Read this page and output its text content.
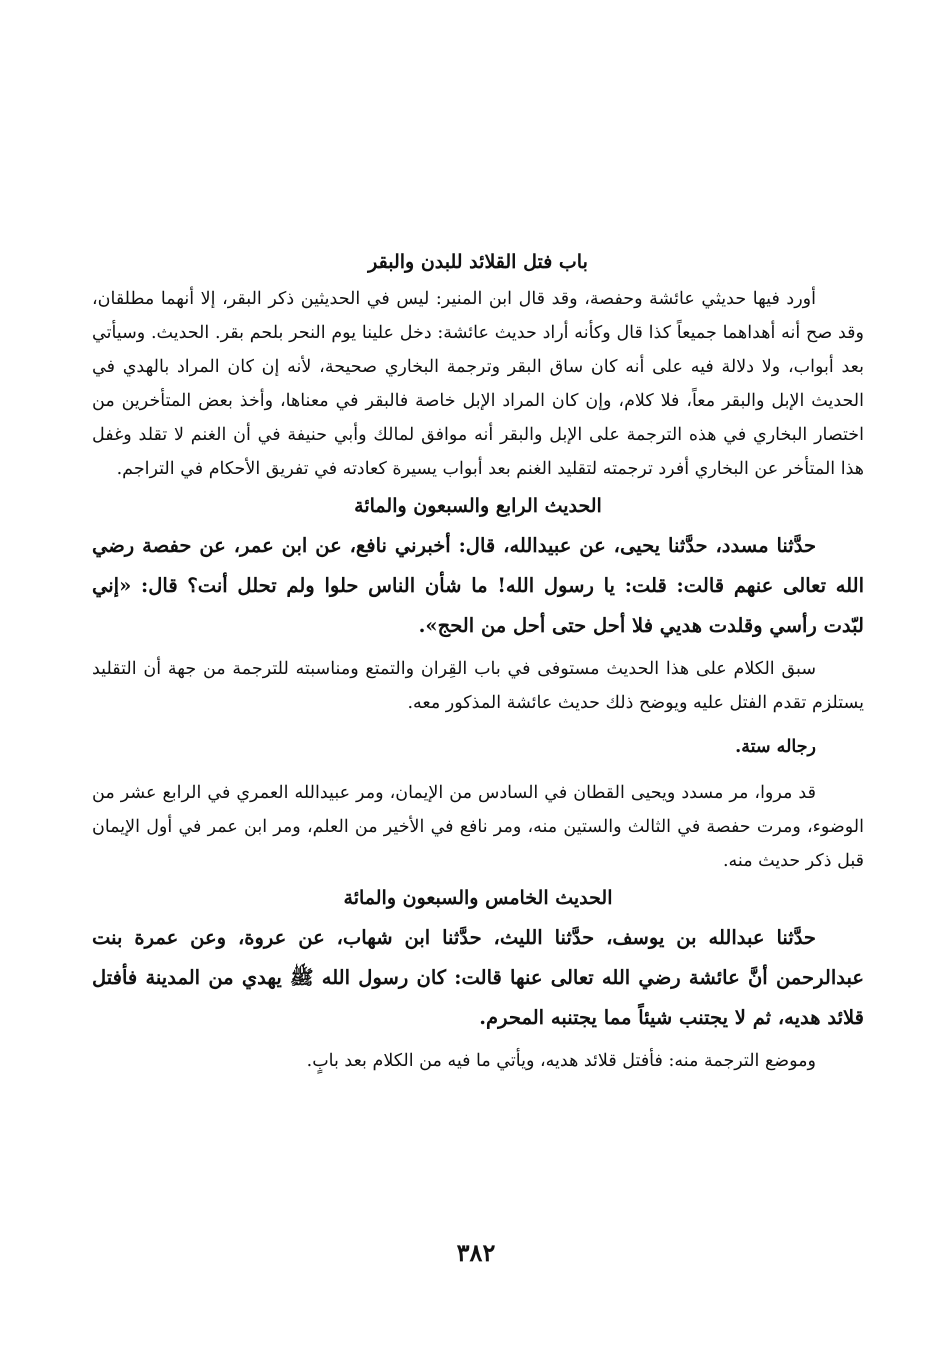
باب فتل القلائد للبدن والبقر

أورد فيها حديثي عائشة وحفصة، وقد قال ابن المنير: ليس في الحديثين ذكر البقر، إلا أنهما مطلقان، وقد صح أنه أهداهما جميعاً كذا قال وكأنه أراد حديث عائشة: دخل علينا يوم النحر بلحم بقر. الحديث. وسيأتي بعد أبواب، ولا دلالة فيه على أنه كان ساق البقر وترجمة البخاري صحيحة، لأنه إن كان المراد بالهدي في الحديث الإبل والبقر معاً، فلا كلام، وإن كان المراد الإبل خاصة فالبقر في معناها، وأخذ بعض المتأخرين من اختصار البخاري في هذه الترجمة على الإبل والبقر أنه موافق لمالك وأبي حنيفة في أن الغنم لا تقلد وغفل هذا المتأخر عن البخاري أفرد ترجمته لتقليد الغنم بعد أبواب يسيرة كعادته في تفريق الأحكام في التراجم.

الحديث الرابع والسبعون والمائة

حدَّثنا مسدد، حدَّثنا يحيى، عن عبيدالله، قال: أخبرني نافع، عن ابن عمر، عن حفصة رضي الله تعالى عنهم قالت: قلت: يا رسول الله! ما شأن الناس حلوا ولم تحلل أنت؟ قال: «إني لبّدت رأسي وقلدت هديي فلا أحل حتى أحل من الحج».

سبق الكلام على هذا الحديث مستوفى في باب القِران والتمتع ومناسبته للترجمة من جهة أن التقليد يستلزم تقدم الفتل عليه ويوضح ذلك حديث عائشة المذكور معه.

رجاله ستة.

قد مروا، مر مسدد ويحيى القطان في السادس من الإيمان، ومر عبيدالله العمري في الرابع عشر من الوضوء، ومرت حفصة في الثالث والستين منه، ومر نافع في الأخير من العلم، ومر ابن عمر في أول الإيمان قبل ذكر حديث منه.

الحديث الخامس والسبعون والمائة

حدَّثنا عبدالله بن يوسف، حدَّثنا الليث، حدَّثنا ابن شهاب، عن عروة، وعن عمرة بنت عبدالرحمن أنَّ عائشة رضي الله تعالى عنها قالت: كان رسول الله ﷺ يهدي من المدينة فأفتل قلائد هديه، ثم لا يجتنب شيئاً مما يجتنبه المحرم.

وموضع الترجمة منه: فأفتل قلائد هديه، ويأتي ما فيه من الكلام بعد بابٍ.

٣٨٢
